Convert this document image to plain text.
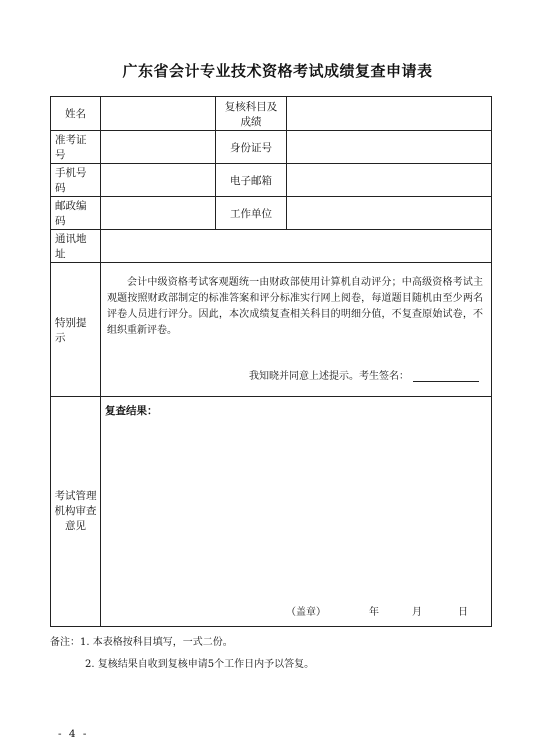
广东省会计专业技术资格考试成绩复查申请表
姓名		复核科目及成绩	
准考证号		身份证号	
手机号码		电子邮箱	
邮政编码		工作单位	
通讯地址			
特别提示	会计中级资格考试客观题统一由财政部使用计算机自动评分；中高级资格考试主观题按照财政部制定的标准答案和评分标准实行网上阅卷，每道题目随机由至少两名评卷人员进行评分。因此，本次成绩复查相关科目的明细分值，不复查原始试卷，不组织重新评卷。

我知晓并同意上述提示。考生签名：		

考试管理机构审查意见	复查结果：
（盖章） 年 月 日		
备注：1. 本表格按科目填写，一式二份。
2. 复核结果自收到复核申请5个工作日内予以答复。
- 4 -
